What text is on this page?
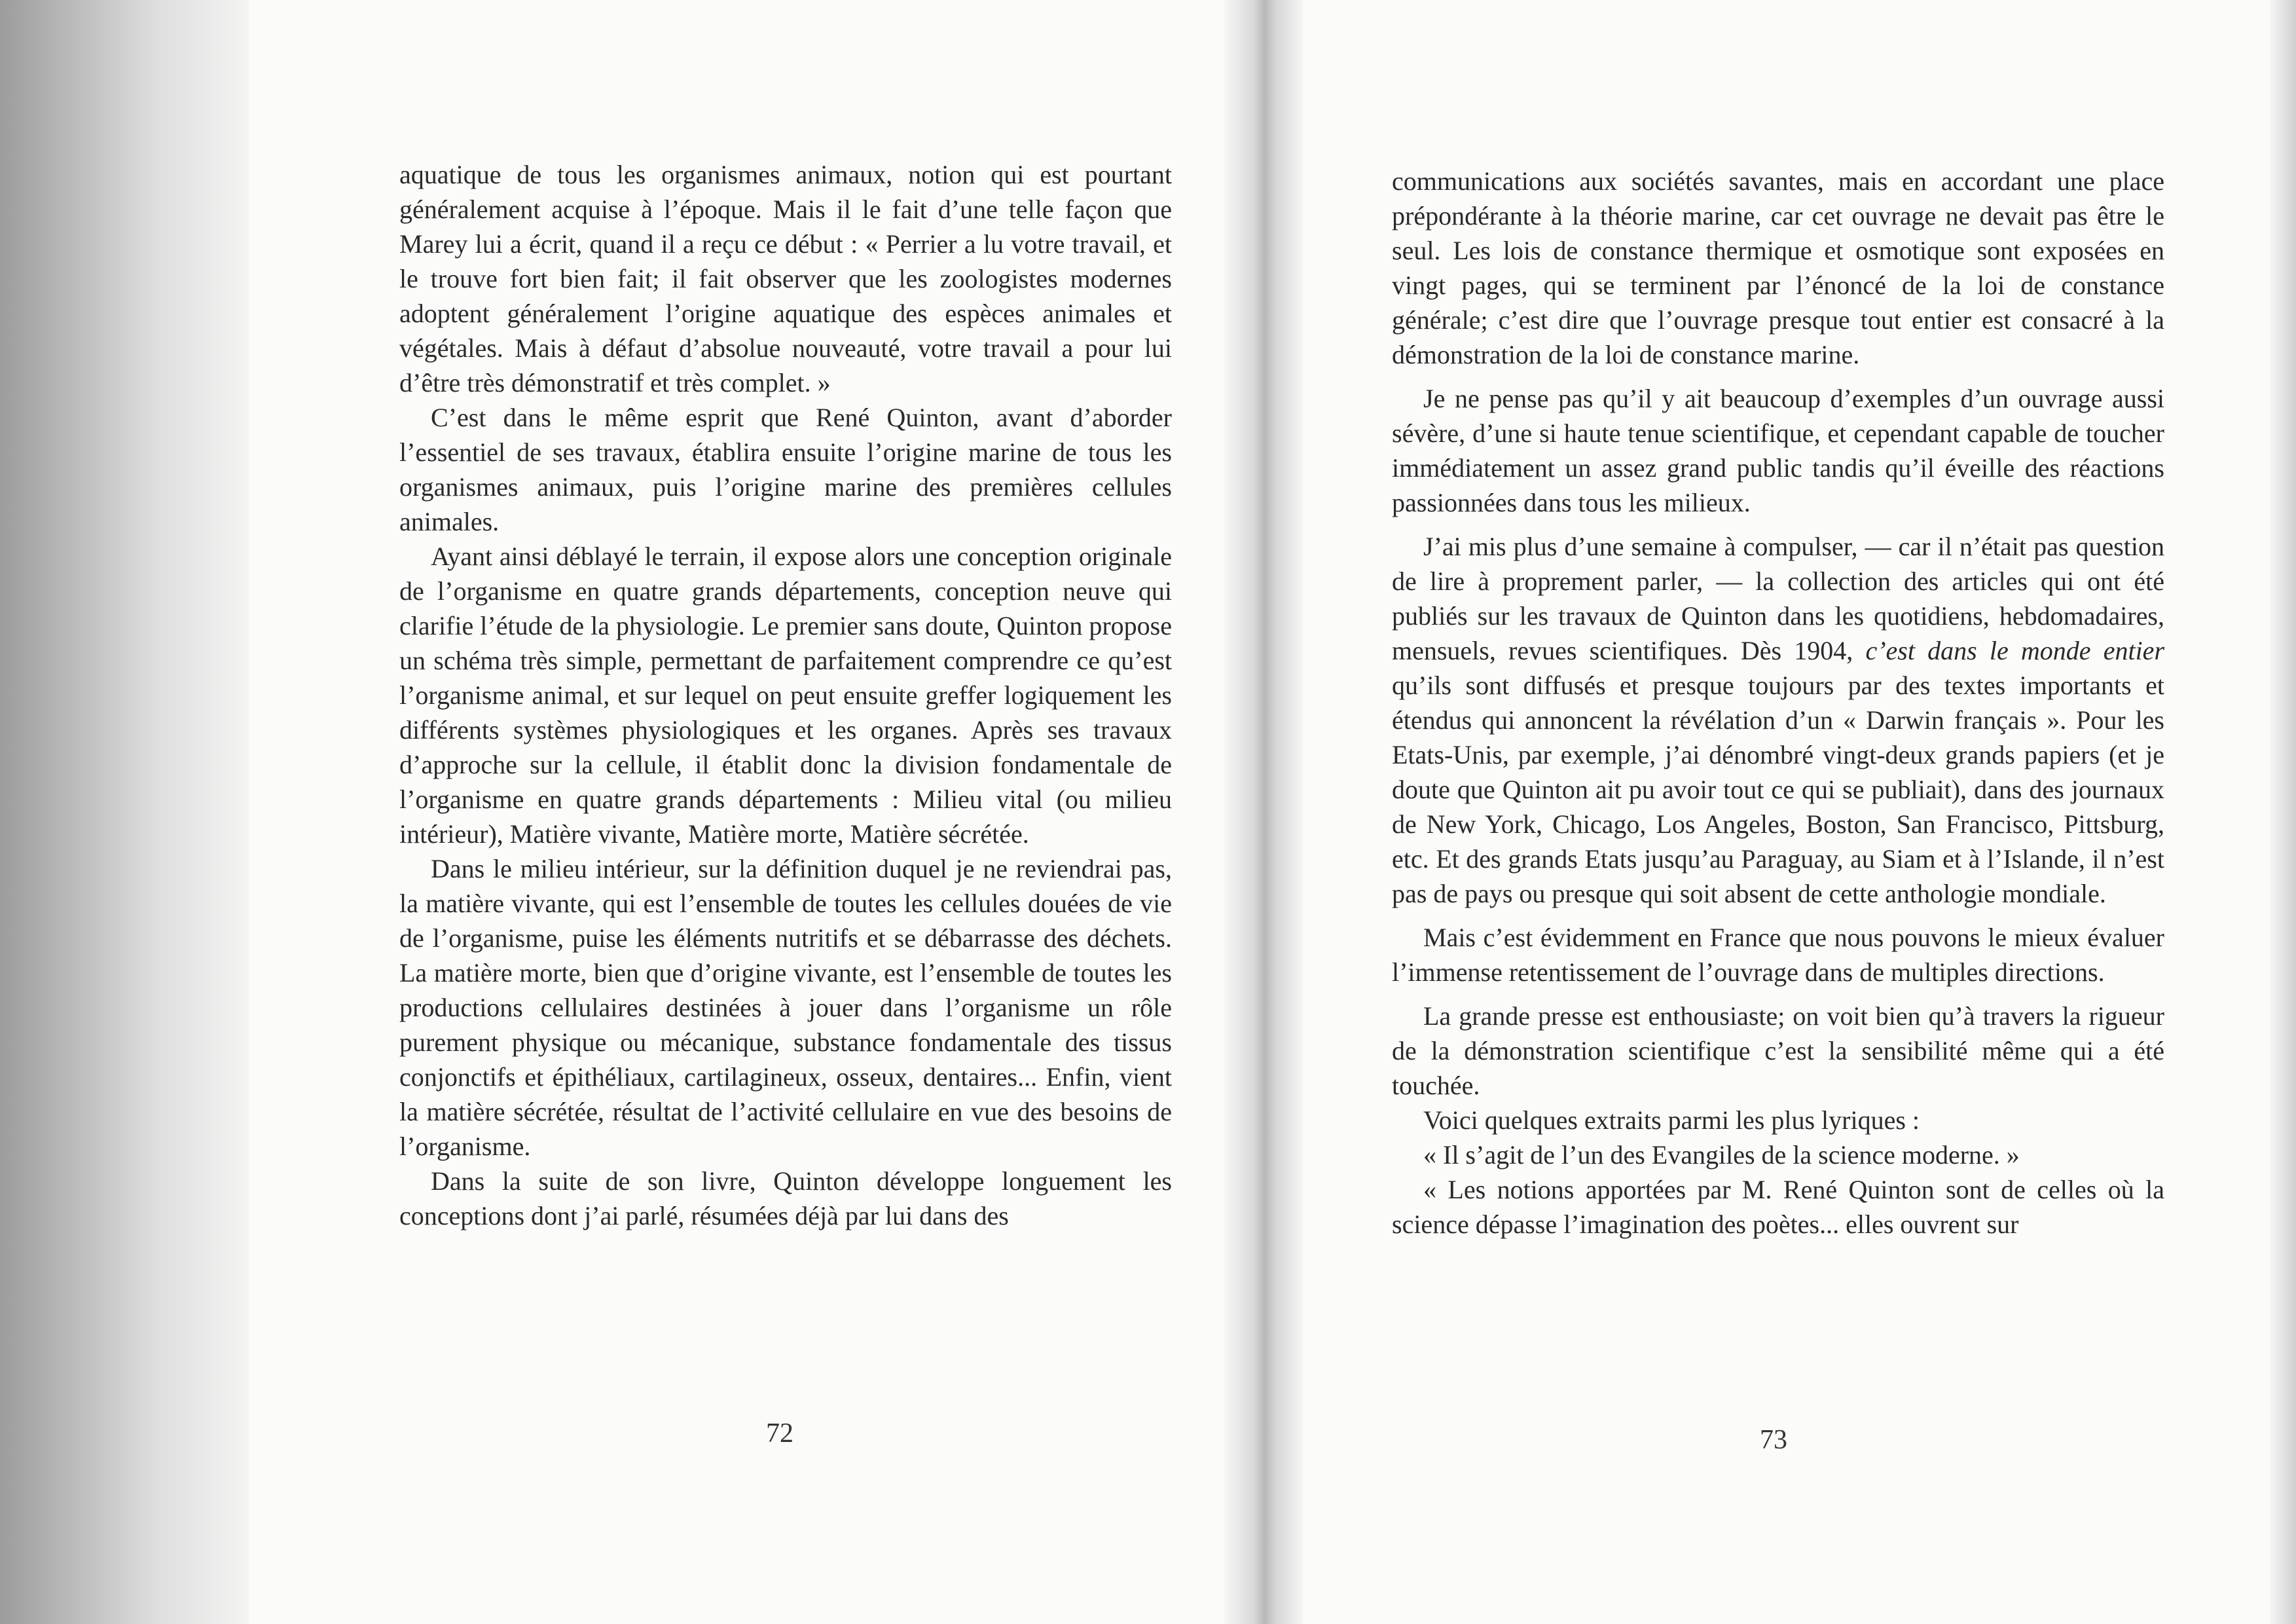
aquatique de tous les organismes animaux, notion qui est pourtant généralement acquise à l’époque. Mais il le fait d’une telle façon que Marey lui a écrit, quand il a reçu ce début : « Perrier a lu votre travail, et le trouve fort bien fait; il fait observer que les zoologistes modernes adoptent généralement l’origine aquatique des espèces animales et végétales. Mais à défaut d’absolue nouveauté, votre travail a pour lui d’être très démonstratif et très complet. »

C’est dans le même esprit que René Quinton, avant d’aborder l’essentiel de ses travaux, établira ensuite l’origine marine de tous les organismes animaux, puis l’origine marine des premières cellules animales.

Ayant ainsi déblayé le terrain, il expose alors une conception originale de l’organisme en quatre grands départements, conception neuve qui clarifie l’étude de la physiologie. Le premier sans doute, Quinton propose un schéma très simple, permettant de parfaitement comprendre ce qu’est l’organisme animal, et sur lequel on peut ensuite greffer logiquement les différents systèmes physiologiques et les organes. Après ses travaux d’approche sur la cellule, il établit donc la division fondamentale de l’organisme en quatre grands départements : Milieu vital (ou milieu intérieur), Matière vivante, Matière morte, Matière sécrétée.

Dans le milieu intérieur, sur la définition duquel je ne reviendrai pas, la matière vivante, qui est l’ensemble de toutes les cellules douées de vie de l’organisme, puise les éléments nutritifs et se débarrasse des déchets. La matière morte, bien que d’origine vivante, est l’ensemble de toutes les productions cellulaires destinées à jouer dans l’organisme un rôle purement physique ou mécanique, substance fondamentale des tissus conjonctifs et épithéliaux, cartilagineux, osseux, dentaires... Enfin, vient la matière sécrétée, résultat de l’activité cellulaire en vue des besoins de l’organisme.

Dans la suite de son livre, Quinton développe longuement les conceptions dont j’ai parlé, résumées déjà par lui dans des

72

communications aux sociétés savantes, mais en accordant une place prépondérante à la théorie marine, car cet ouvrage ne devait pas être le seul. Les lois de constance thermique et osmotique sont exposées en vingt pages, qui se terminent par l’énoncé de la loi de constance générale; c’est dire que l’ouvrage presque tout entier est consacré à la démonstration de la loi de constance marine.

Je ne pense pas qu’il y ait beaucoup d’exemples d’un ouvrage aussi sévère, d’une si haute tenue scientifique, et cependant capable de toucher immédiatement un assez grand public tandis qu’il éveille des réactions passionnées dans tous les milieux.

J’ai mis plus d’une semaine à compulser, — car il n’était pas question de lire à proprement parler, — la collection des articles qui ont été publiés sur les travaux de Quinton dans les quotidiens, hebdomadaires, mensuels, revues scientifiques. Dès 1904, c’est dans le monde entier qu’ils sont diffusés et presque toujours par des textes importants et étendus qui annoncent la révélation d’un « Darwin français ». Pour les Etats-Unis, par exemple, j’ai dénombré vingt-deux grands papiers (et je doute que Quinton ait pu avoir tout ce qui se publiait), dans des journaux de New York, Chicago, Los Angeles, Boston, San Francisco, Pittsburg, etc. Et des grands Etats jusqu’au Paraguay, au Siam et à l’Islande, il n’est pas de pays ou presque qui soit absent de cette anthologie mondiale.

Mais c’est évidemment en France que nous pouvons le mieux évaluer l’immense retentissement de l’ouvrage dans de multiples directions.

La grande presse est enthousiaste; on voit bien qu’à travers la rigueur de la démonstration scientifique c’est la sensibilité même qui a été touchée.

Voici quelques extraits parmi les plus lyriques :

« Il s’agit de l’un des Evangiles de la science moderne. »

« Les notions apportées par M. René Quinton sont de celles où la science dépasse l’imagination des poètes... elles ouvrent sur

73
